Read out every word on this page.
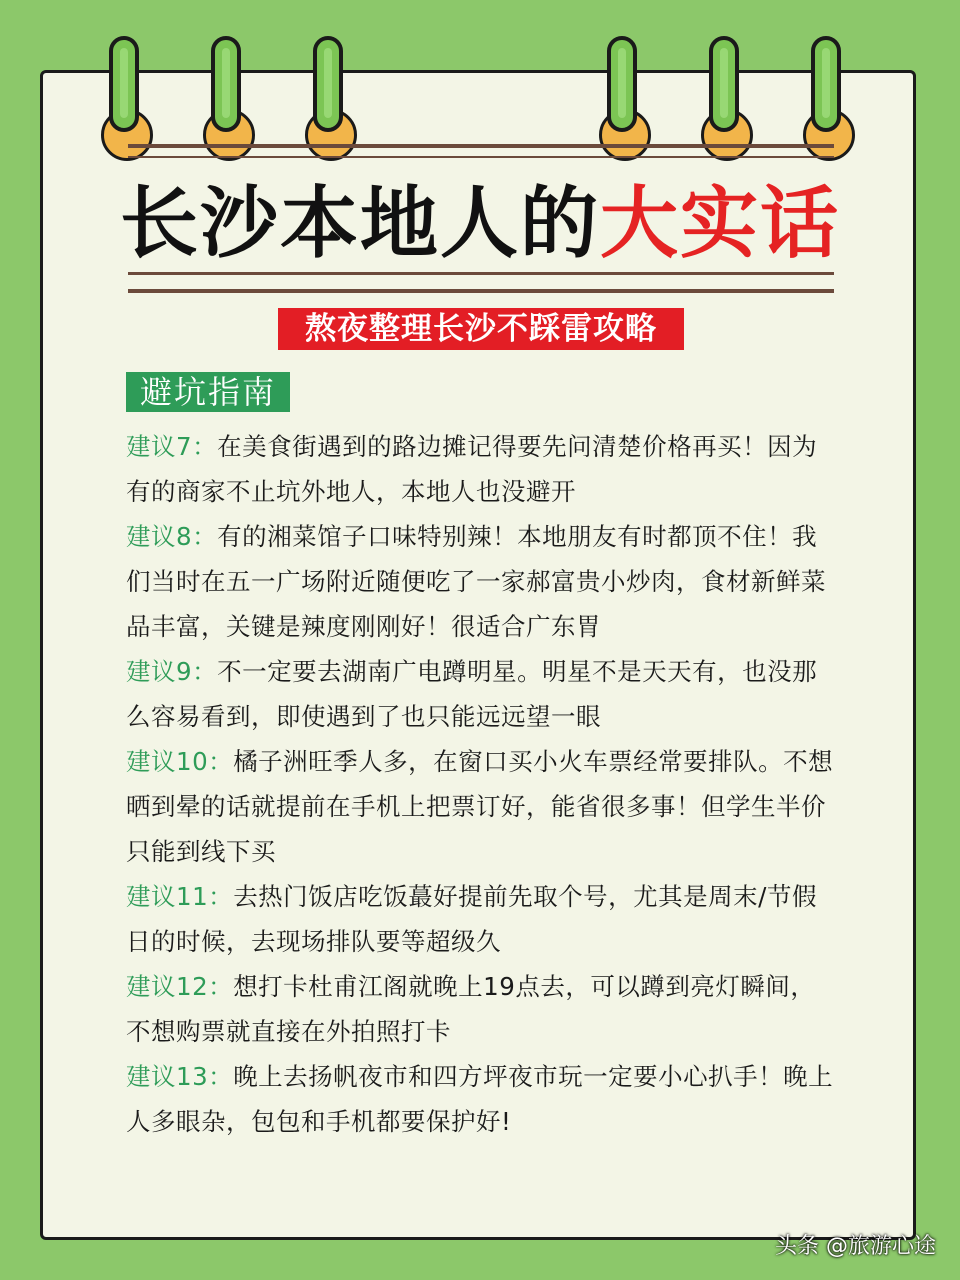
长沙本地人的大实话
熬夜整理长沙不踩雷攻略
避坑指南

建议7：在美食街遇到的路边摊记得要先问清楚价格再买！因为有的商家不止坑外地人，本地人也没避开

建议8：有的湘菜馆子口味特别辣！本地朋友有时都顶不住！我们当时在五一广场附近随便吃了一家郝富贵小炒肉，食材新鲜菜品丰富，关键是辣度刚刚好！很适合广东胃

建议9：不一定要去湖南广电蹲明星。明星不是天天有，也没那么容易看到，即使遇到了也只能远远望一眼

建议10：橘子洲旺季人多，在窗口买小火车票经常要排队。不想晒到晕的话就提前在手机上把票订好，能省很多事！但学生半价只能到线下买

建议11：去热门饭店吃饭蕞好提前先取个号，尤其是周末/节假日的时候，去现场排队要等超级久

建议12：想打卡杜甫江阁就晚上19点去，可以蹲到亮灯瞬间，不想购票就直接在外拍照打卡

建议13：晚上去扬帆夜市和四方坪夜市玩一定要小心扒手！晚上人多眼杂，包包和手机都要保护好!

头条 @旅游心途
